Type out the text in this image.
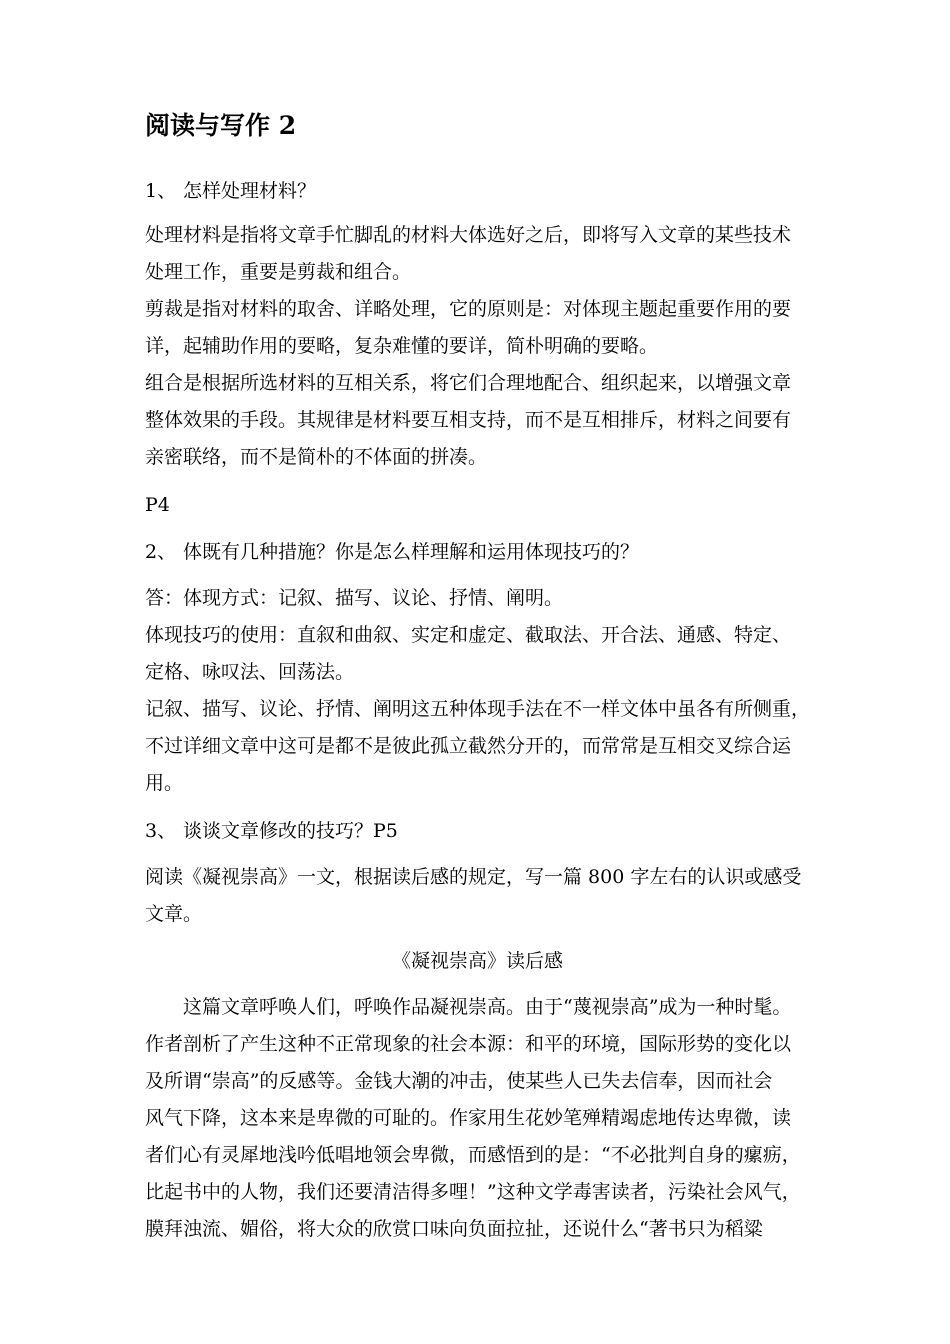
阅读与写作 2
1、 怎样处理材料？
处理材料是指将文章手忙脚乱的材料大体选好之后，即将写入文章的某些技术
处理工作，重要是剪裁和组合。
剪裁是指对材料的取舍、详略处理，它的原则是：对体现主题起重要作用的要
详，起辅助作用的要略，复杂难懂的要详，简朴明确的要略。
组合是根据所选材料的互相关系，将它们合理地配合、组织起来，以增强文章
整体效果的手段。其规律是材料要互相支持，而不是互相排斥，材料之间要有
亲密联络，而不是简朴的不体面的拼凑。
P4
2、 体既有几种措施？你是怎么样理解和运用体现技巧的？
答：体现方式：记叙、描写、议论、抒情、阐明。
体现技巧的使用：直叙和曲叙、实定和虚定、截取法、开合法、通感、特定、
定格、咏叹法、回荡法。
记叙、描写、议论、抒情、阐明这五种体现手法在不一样文体中虽各有所侧重，
不过详细文章中这可是都不是彼此孤立截然分开的，而常常是互相交叉综合运
用。
3、 谈谈文章修改的技巧？P5
阅读《凝视崇高》一文，根据读后感的规定，写一篇 800 字左右的认识或感受
文章。
《凝视崇高》读后感
这篇文章呼唤人们，呼唤作品凝视崇高。由于“蔑视崇高”成为一种时髦。
作者剖析了产生这种不正常现象的社会本源：和平的环境，国际形势的变化以
及所谓“崇高”的反感等。金钱大潮的冲击，使某些人已失去信奉，因而社会
风气下降，这本来是卑微的可耻的。作家用生花妙笔殚精竭虑地传达卑微，读
者们心有灵犀地浅吟低唱地领会卑微，而感悟到的是：“不必批判自身的瘰疬，
比起书中的人物，我们还要清洁得多哩！”这种文学毒害读者，污染社会风气，
膜拜浊流、媚俗，将大众的欣赏口味向负面拉扯，还说什么“著书只为稻粱
